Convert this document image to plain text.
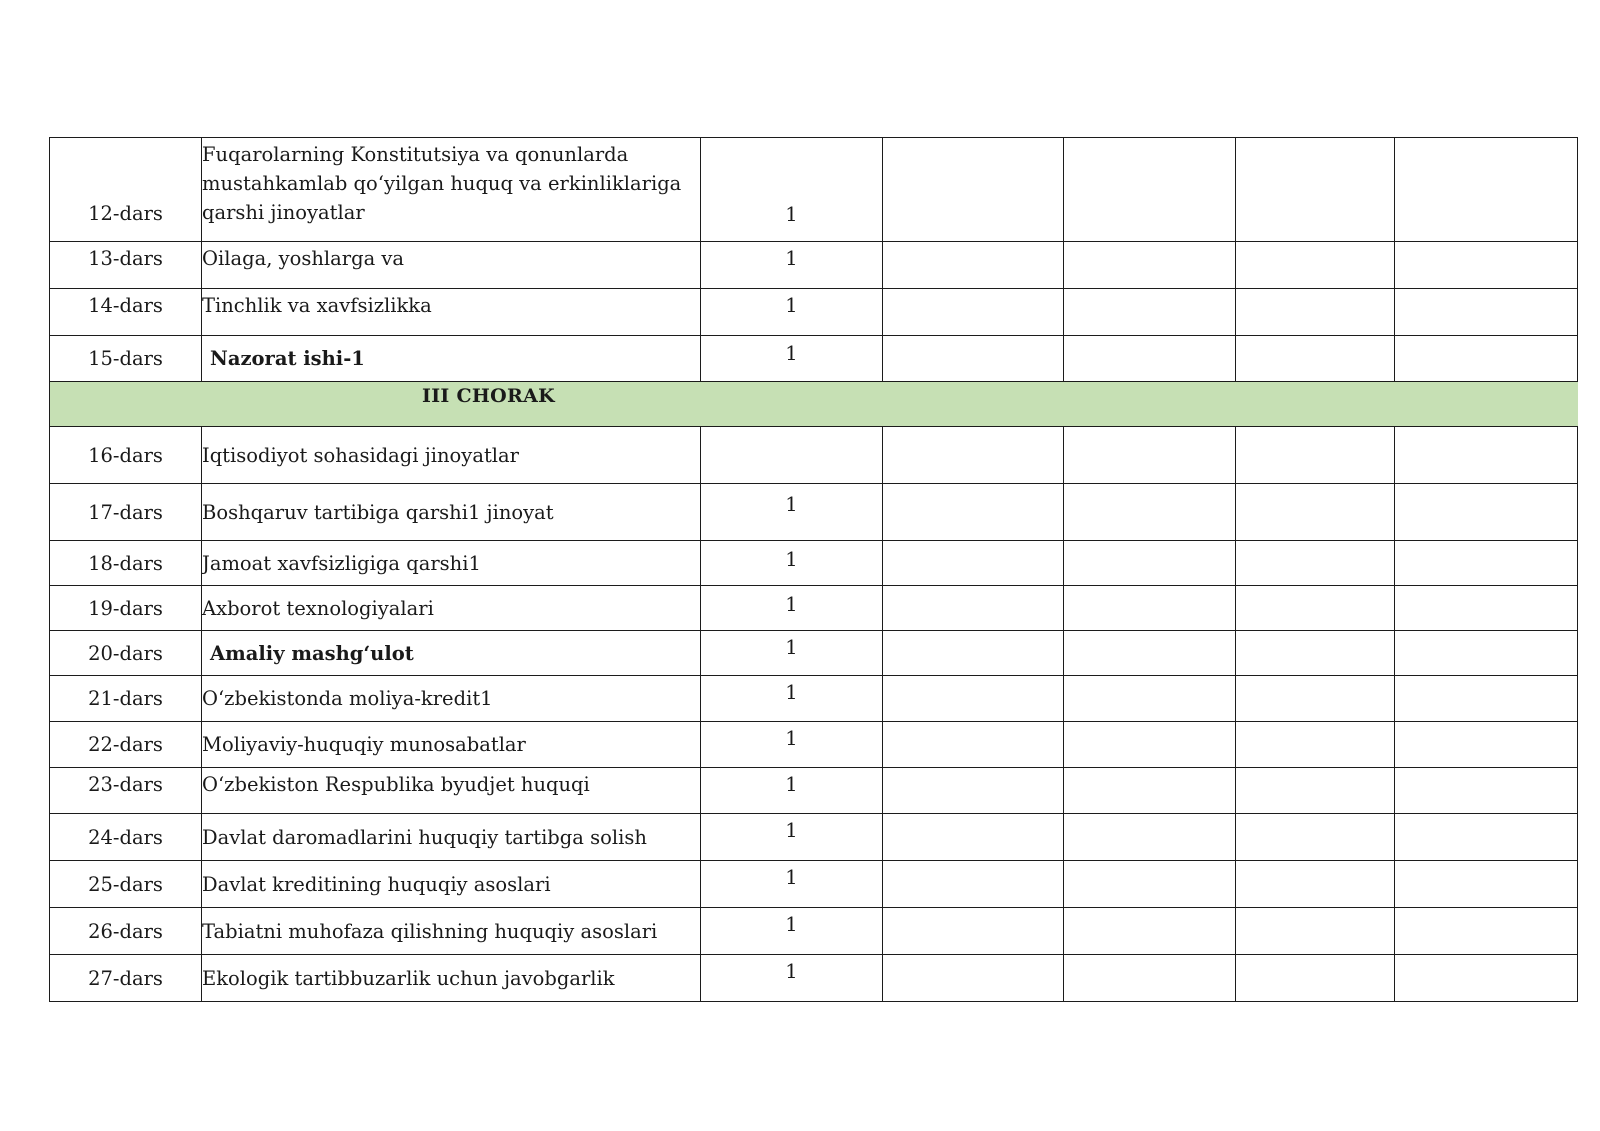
12-dars	Fuqarolarning Konstitutsiya va qonunlarda mustahkamlab qo‘yilgan huquq va erkinliklariga qarshi jinoyatlar	1				
13-dars	Oilaga, yoshlarga va	1				
14-dars	Tinchlik va xavfsizlikka	1				
15-dars	Nazorat ishi-1	1				

III CHORAK						

16-dars	Iqtisodiyot sohasidagi jinoyatlar					
17-dars	Boshqaruv tartibiga qarshi1 jinoyat	1				
18-dars	Jamoat xavfsizligiga qarshi1	1				
19-dars	Axborot texnologiyalari	1				
20-dars	Amaliy mashg‘ulot	1				
21-dars	O‘zbekistonda moliya-kredit1	1				
22-dars	Moliyaviy-huquqiy munosabatlar	1				
23-dars	O‘zbekiston Respublika byudjet huquqi	1				
24-dars	Davlat daromadlarini huquqiy tartibga solish	1				
25-dars	Davlat kreditining huquqiy asoslari	1				
26-dars	Tabiatni muhofaza qilishning huquqiy asoslari	1				
27-dars	Ekologik tartibbuzarlik uchun javobgarlik	1				
